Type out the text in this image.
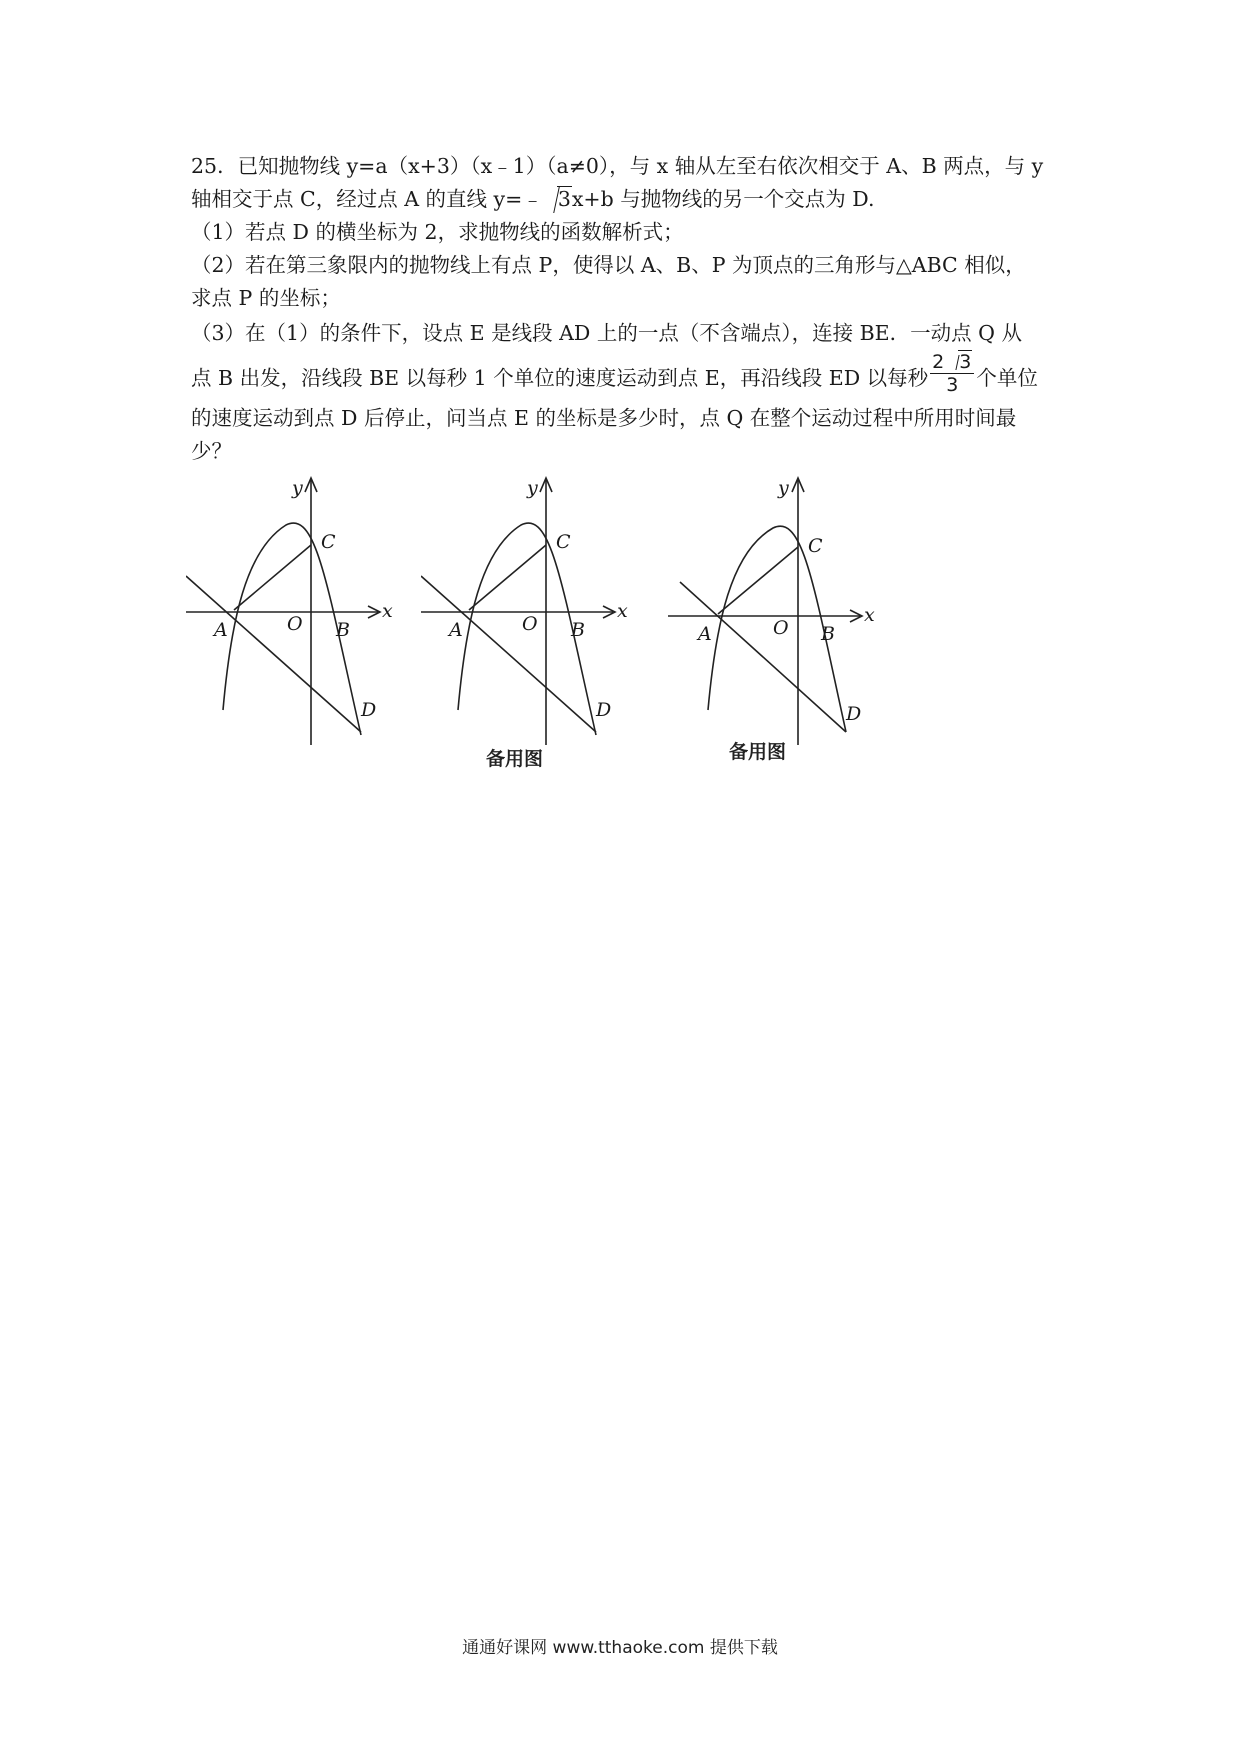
25．已知抛物线 y=a（x+3）（x﹣1）（a≠0），与 x 轴从左至右依次相交于 A、B 两点，与 y
轴相交于点 C，经过点 A 的直线 y=﹣ 3x+b 与抛物线的另一个交点为 D.
（1）若点 D 的横坐标为 2，求抛物线的函数解析式；
（2）若在第三象限内的抛物线上有点 P，使得以 A、B、P 为顶点的三角形与△ABC 相似，
求点 P 的坐标；
（3）在（1）的条件下，设点 E 是线段 AD 上的一点（不含端点），连接 BE．一动点 Q 从
点 B 出发，沿线段 BE 以每秒 1 个单位的速度运动到点 E，再沿线段 ED 以每秒 $\frac{2 3}{3}$ 个单位
的速度运动到点 D 后停止，问当点 E 的坐标是多少时，点 Q 在整个运动过程中所用时间最
少？
y
x
A	O B
C
D
y
x
A	O B
C
D
备用图
y
x
A	O B
C
D
备用图
通通好课网 www.tthaoke.com 提供下载
